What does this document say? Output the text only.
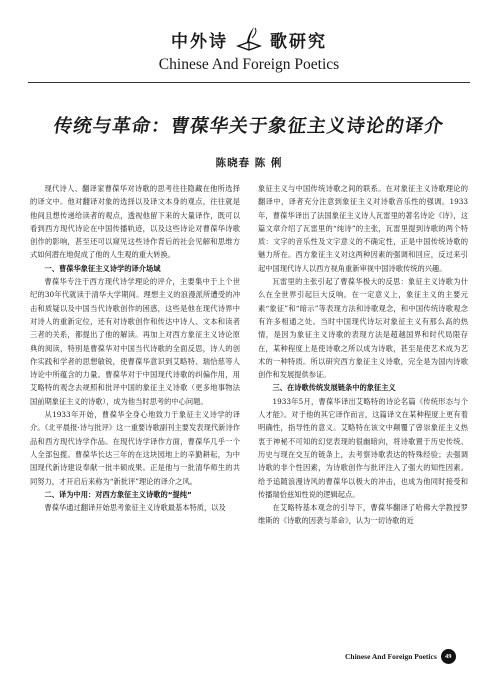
中外诗 歌研究
Chinese And Foreign Poetics
传统与革命：曹葆华关于象征主义诗论的译介
陈晓春 陈 俐

现代诗人、翻译家曹葆华对诗歌的思考往往隐藏在他所选择的译文中。他对翻译对象的选择以及译文本身的观点，往往就是他间且想传递给读者的观点，透视他留下来的大量译作，既可以看到西方现代诗论在中国传播轨迹，以及这些诗论对曹葆华诗歌创作的影响，甚至还可以窥见这些诗作背后的社会见解和思维方式如何潜在地促成了他的人生观的重大转换。

一、曹葆华象征主义诗学的译介场域

曹葆华专注于西方现代诗学理论的评介，主要集中于上个世纪的30年代就读于清华大学期间。理想主义的浪漫派所遭受的冲击和质疑以及中国当代诗歌创作的困惑，这些是他在现代诗界中对诗人的重新定位，还有对诗歌创作和传达中诗人、文本和读者三者的关系，都提出了他的解读。再加上对西方象征主义诗论原典的阅读，特别是曹葆华对中国当代诗歌的全面反思，诗人的创作实践和学者的思想敏锐，使曹葆华意识到艾略特、瑞恰慈等人诗论中所蕴含的力量。曹葆华对于中国现代诗歌的纠偏作用，用艾略特的观念去规照和批评中国的象征主义诗歌（更多地事物法国前期象征主义的诗歌），成为他当时思考的中心问题。

从1933年开始，曹葆华全身心地致力于象征主义诗学的译介。《北平晨报·诗与批评》这一重要诗歌副刊主要发表现代新诗作品和西方现代诗学作品。在现代诗学译作方面，曹葆华几乎一个人全部包揽。曹葆华长达三年的在这块园地上的辛勤耕耘，为中国现代新诗建设奉献一批丰硕成果。正是他与一批清华师生的共同努力，才开启后来称为“新批评”理论的译介之风。

二、译为中用：对西方象征主义诗歌的“提纯”

曹葆华通过翻译开始思考象征主义诗歌最基本特质，以及

象征主义与中国传统诗歌之间的联系。在对象征主义诗歌理论的翻译中，译者充分注意到象征主义对诗歌音乐性的强调。1933年，曹葆华译出了法国象征主义诗人瓦雷里的著名诗论《诗》，这篇文章介绍了瓦雷里的“纯诗”的主张，瓦雷里提到诗歌的两个特质：文字的音乐性及文字意义的不确定性，正是中国传统诗歌的魅力所在。西方象征主义对这两种因素的强调和回应，反过来引起中国现代诗人以西方视角重新审视中国诗歌传统的兴趣。

瓦雷里的主张引起了曹葆华极大的反思：象征主义诗歌为什么在全世界引起巨大反响。在一定意义上，象征主义的主要元素“象征”和“暗示”等表现方法和诗歌观念，和中国传统诗歌观念有许多相通之处。当时中国现代诗坛对象征主义有那么高的热情，是因为象征主义诗歌的表现方法是超越国界和时代局限存在，某种程度上是使诗歌之所以成为诗歌，甚至是使艺术成为艺术的一种特质。所以研究西方象征主义诗歌，完全是为国内诗歌创作和发展提供参证。

三、在诗歌传统发展链条中的象征主义

1933年5月，曹葆华译出艾略特的诗论名篇《传统形态与个人才能》。对于他的其它译作而言，这篇译文在某种程度上更有着明确性，指导性的意义。艾略特在该文中颠覆了曾崇象征主义热衷于神秘不可知的幻觉表现的很幽暗向，将诗歌置于历史传统、历史与现在交互的链条上，去考察诗歌表达的特殊经验；去强调诗歌的非个性因素，为诗歌创作与批评注入了强大的知性因素。给予追随浪漫诗风的曹葆华以极大的冲击，也成为他同时接受和传播瑞恰兹知性说的逻辑起点。

在艾略特基本观念的引导下，曹葆华翻译了哈佛大学教授罗维斯的《诗歌的因袭与革命》，认为一切诗歌的近

Chinese And Foreign Poetics	49
